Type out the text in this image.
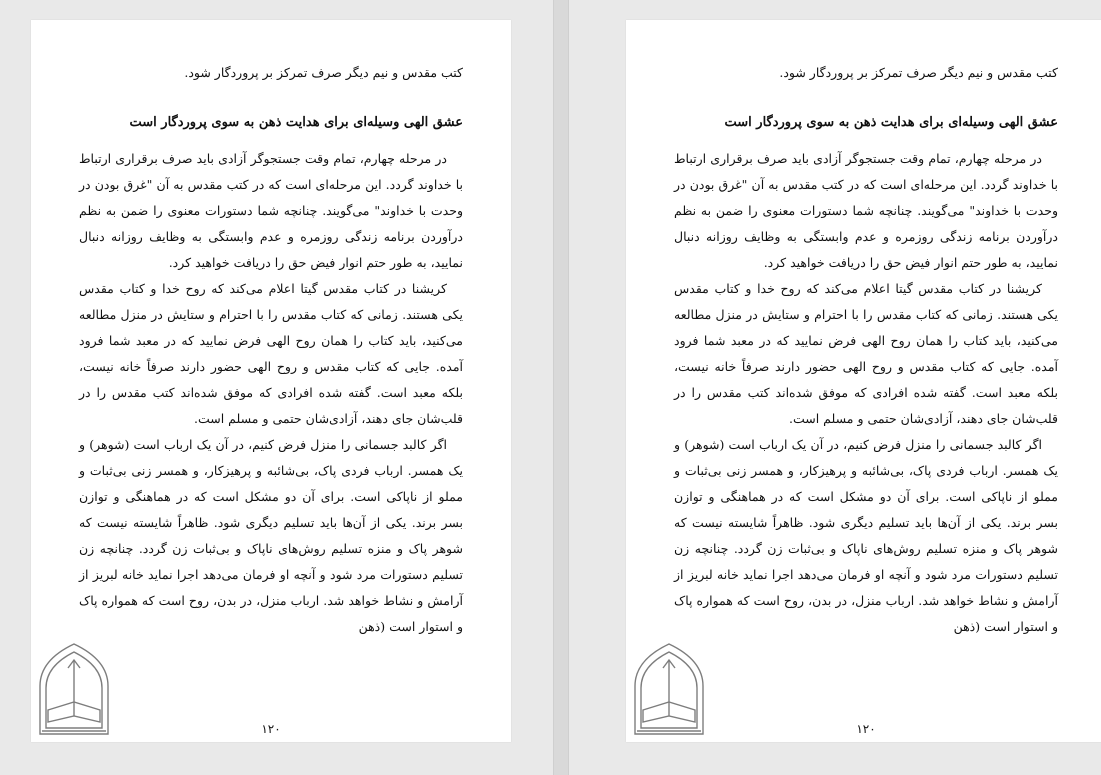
کتب مقدس و نیم دیگر صرف تمرکز بر پروردگار شود.

عشق الهی وسیله‌ای برای هدایت ذهن به سوی پروردگار است

در مرحله چهارم، تمام وقت جستجوگر آزادی باید صرف برقراری ارتباط با خداوند گردد. این مرحله‌ای است که در کتب مقدس به آن "غرق بودن در وحدت با خداوند" می‌گویند. چنانچه شما دستورات معنوی را ضمن به نظم درآوردن برنامه زندگی روزمره و عدم وابستگی به وظایف روزانه دنبال نمایید، به طور حتم انوار فیض حق را دریافت خواهید کرد.

کریشنا در کتاب مقدس گیتا اعلام می‌کند که روح خدا و کتاب مقدس یکی هستند. زمانی که کتاب مقدس را با احترام و ستایش در منزل مطالعه می‌کنید، باید کتاب را همان روح الهی فرض نمایید که در معبد شما فرود آمده. جایی که کتاب مقدس و روح الهی حضور دارند صرفاً خانه نیست، بلکه معبد است. گفته شده افرادی که موفق شده‌اند کتب مقدس را در قلب‌شان جای دهند، آزادی‌شان حتمی و مسلم است.

اگر کالبد جسمانی را منزل فرض کنیم، در آن یک ارباب است (شوهر) و یک همسر. ارباب فردی پاک، بی‌شائبه و پرهیزکار، و همسر زنی بی‌ثبات و مملو از ناپاکی است. برای آن دو مشکل است که در هماهنگی و توازن بسر برند. یکی از آن‌ها باید تسلیم دیگری شود. ظاهراً شایسته نیست که شوهر پاک و منزه تسلیم روش‌های ناپاک و بی‌ثبات زن گردد. چنانچه زن تسلیم دستورات مرد شود و آنچه او فرمان می‌دهد اجرا نماید خانه لبریز از آرامش و نشاط خواهد شد. ارباب منزل، در بدن، روح است که همواره پاک و استوار است (ذهن

۱۲۰

کتب مقدس و نیم دیگر صرف تمرکز بر پروردگار شود.

عشق الهی وسیله‌ای برای هدایت ذهن به سوی پروردگار است

در مرحله چهارم، تمام وقت جستجوگر آزادی باید صرف برقراری ارتباط با خداوند گردد. این مرحله‌ای است که در کتب مقدس به آن "غرق بودن در وحدت با خداوند" می‌گویند. چنانچه شما دستورات معنوی را ضمن به نظم درآوردن برنامه زندگی روزمره و عدم وابستگی به وظایف روزانه دنبال نمایید، به طور حتم انوار فیض حق را دریافت خواهید کرد.

کریشنا در کتاب مقدس گیتا اعلام می‌کند که روح خدا و کتاب مقدس یکی هستند. زمانی که کتاب مقدس را با احترام و ستایش در منزل مطالعه می‌کنید، باید کتاب را همان روح الهی فرض نمایید که در معبد شما فرود آمده. جایی که کتاب مقدس و روح الهی حضور دارند صرفاً خانه نیست، بلکه معبد است. گفته شده افرادی که موفق شده‌اند کتب مقدس را در قلب‌شان جای دهند، آزادی‌شان حتمی و مسلم است.

اگر کالبد جسمانی را منزل فرض کنیم، در آن یک ارباب است (شوهر) و یک همسر. ارباب فردی پاک، بی‌شائبه و پرهیزکار، و همسر زنی بی‌ثبات و مملو از ناپاکی است. برای آن دو مشکل است که در هماهنگی و توازن بسر برند. یکی از آن‌ها باید تسلیم دیگری شود. ظاهراً شایسته نیست که شوهر پاک و منزه تسلیم روش‌های ناپاک و بی‌ثبات زن گردد. چنانچه زن تسلیم دستورات مرد شود و آنچه او فرمان می‌دهد اجرا نماید خانه لبریز از آرامش و نشاط خواهد شد. ارباب منزل، در بدن، روح است که همواره پاک و استوار است (ذهن

۱۲۰
